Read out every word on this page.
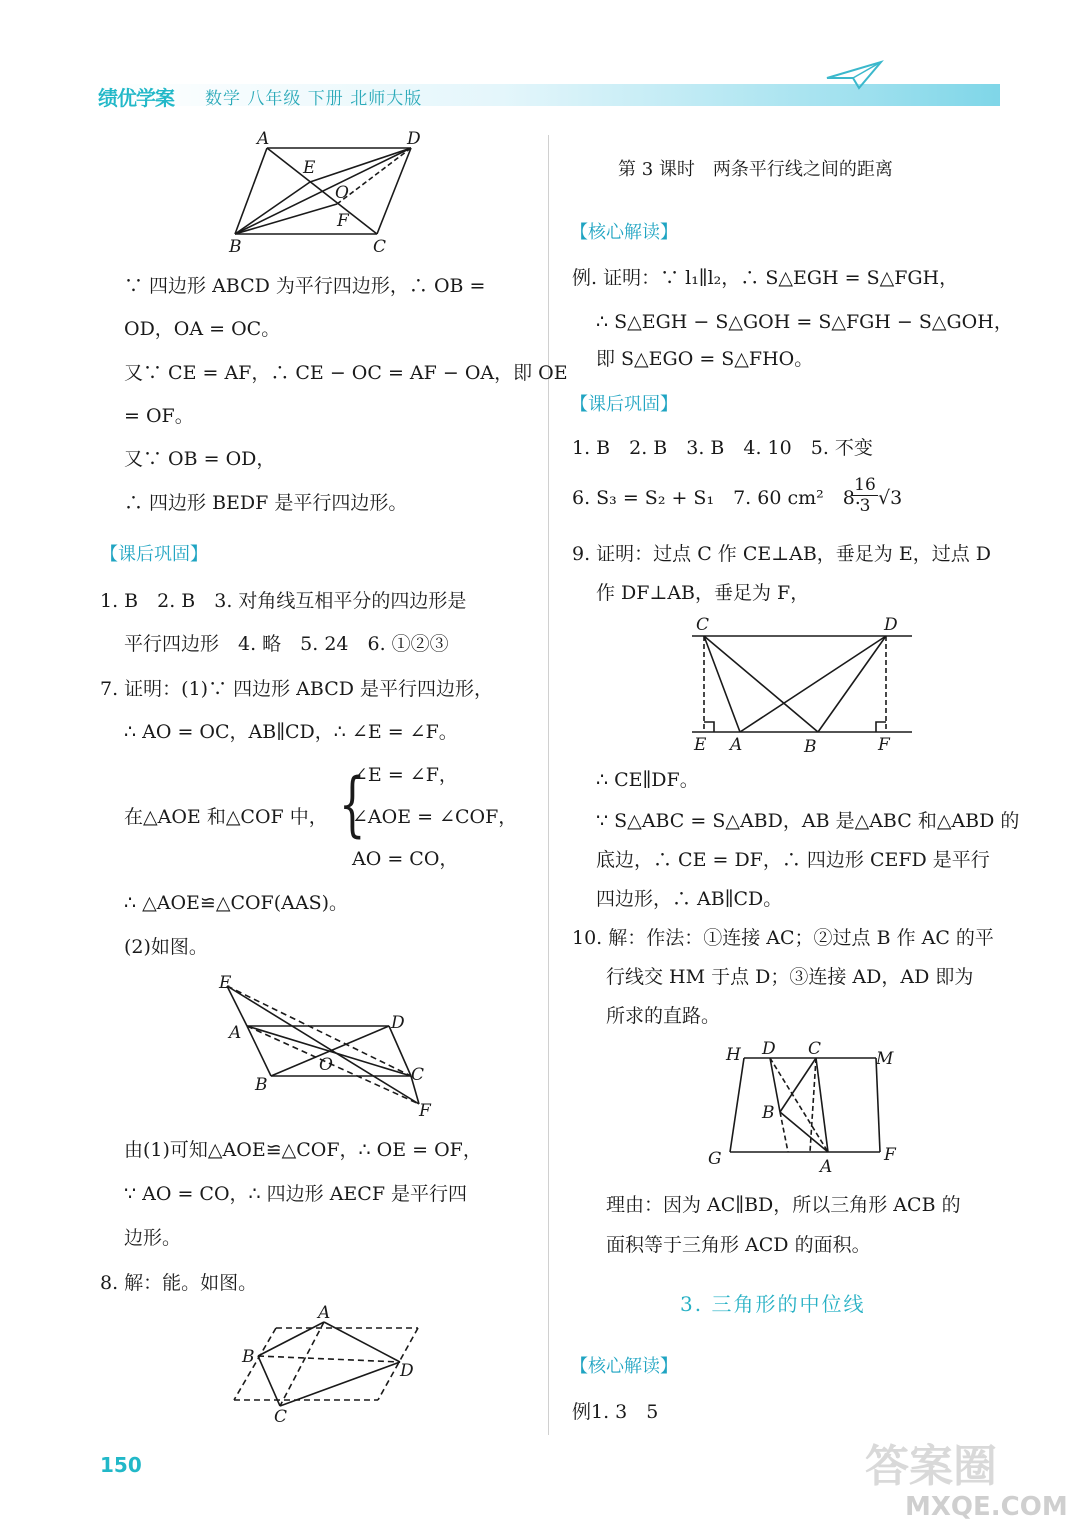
绩优学案 数学 八年级 下册 北师大版
A	D
E
O
F
B	C
∵ 四边形 ABCD 为平行四边形，∴ OB =
OD，OA = OC。
又∵ CE = AF，∴ CE − OC = AF − OA，即 OE
= OF。
又∵ OB = OD，
∴ 四边形 BEDF 是平行四边形。
【课后巩固】
1. B　2. B　3. 对角线互相平分的四边形是
平行四边形　4. 略　5. 24　6. ①②③
7. 证明：(1)∵ 四边形 ABCD 是平行四边形，
∴ AO = OC，AB∥CD，∴ ∠E = ∠F。
在△AOE 和△COF 中， {
∠E = ∠F，
∠AOE = ∠COF，
AO = CO，
∴ △AOE≌△COF(AAS)。
(2)如图。
E
A	D
O	C
B
F
由(1)可知△AOE≌△COF，∴ OE = OF，
∵ AO = CO，∴ 四边形 AECF 是平行四
边形。
8. 解：能。如图。
A
B
D
C
150
第 3 课时　两条平行线之间的距离
【核心解读】
例. 证明：∵ l₁∥l₂，∴ S△EGH = S△FGH，
∴ S△EGH − S△GOH = S△FGH − S△GOH，
即 S△EGO = S△FHO。
【课后巩固】
1. B　2. B　3. B　4. 10　5. 不变
6. S₃ = S₂ + S₁　7. 60 cm²　8.
$\frac{16}{3} √3$
9. 证明：过点 C 作 CE⊥AB，垂足为 E，过点 D
作 DF⊥AB，垂足为 F，
C	D
E A	B	F
∴ CE∥DF。
∵ S△ABC = S△ABD，AB 是△ABC 和△ABD 的
底边，∴ CE = DF，∴ 四边形 CEFD 是平行
四边形，∴ AB∥CD。
10. 解：作法：①连接 AC；②过点 B 作 AC 的平
行线交 HM 于点 D；③连接 AD，AD 即为
所求的直路。
H D C	M
B
G	A
F
理由：因为 AC∥BD，所以三角形 ACB 的
面积等于三角形 ACD 的面积。
3. 三角形的中位线
【核心解读】
例1. 3　5
答案圈
MXQE.COM
